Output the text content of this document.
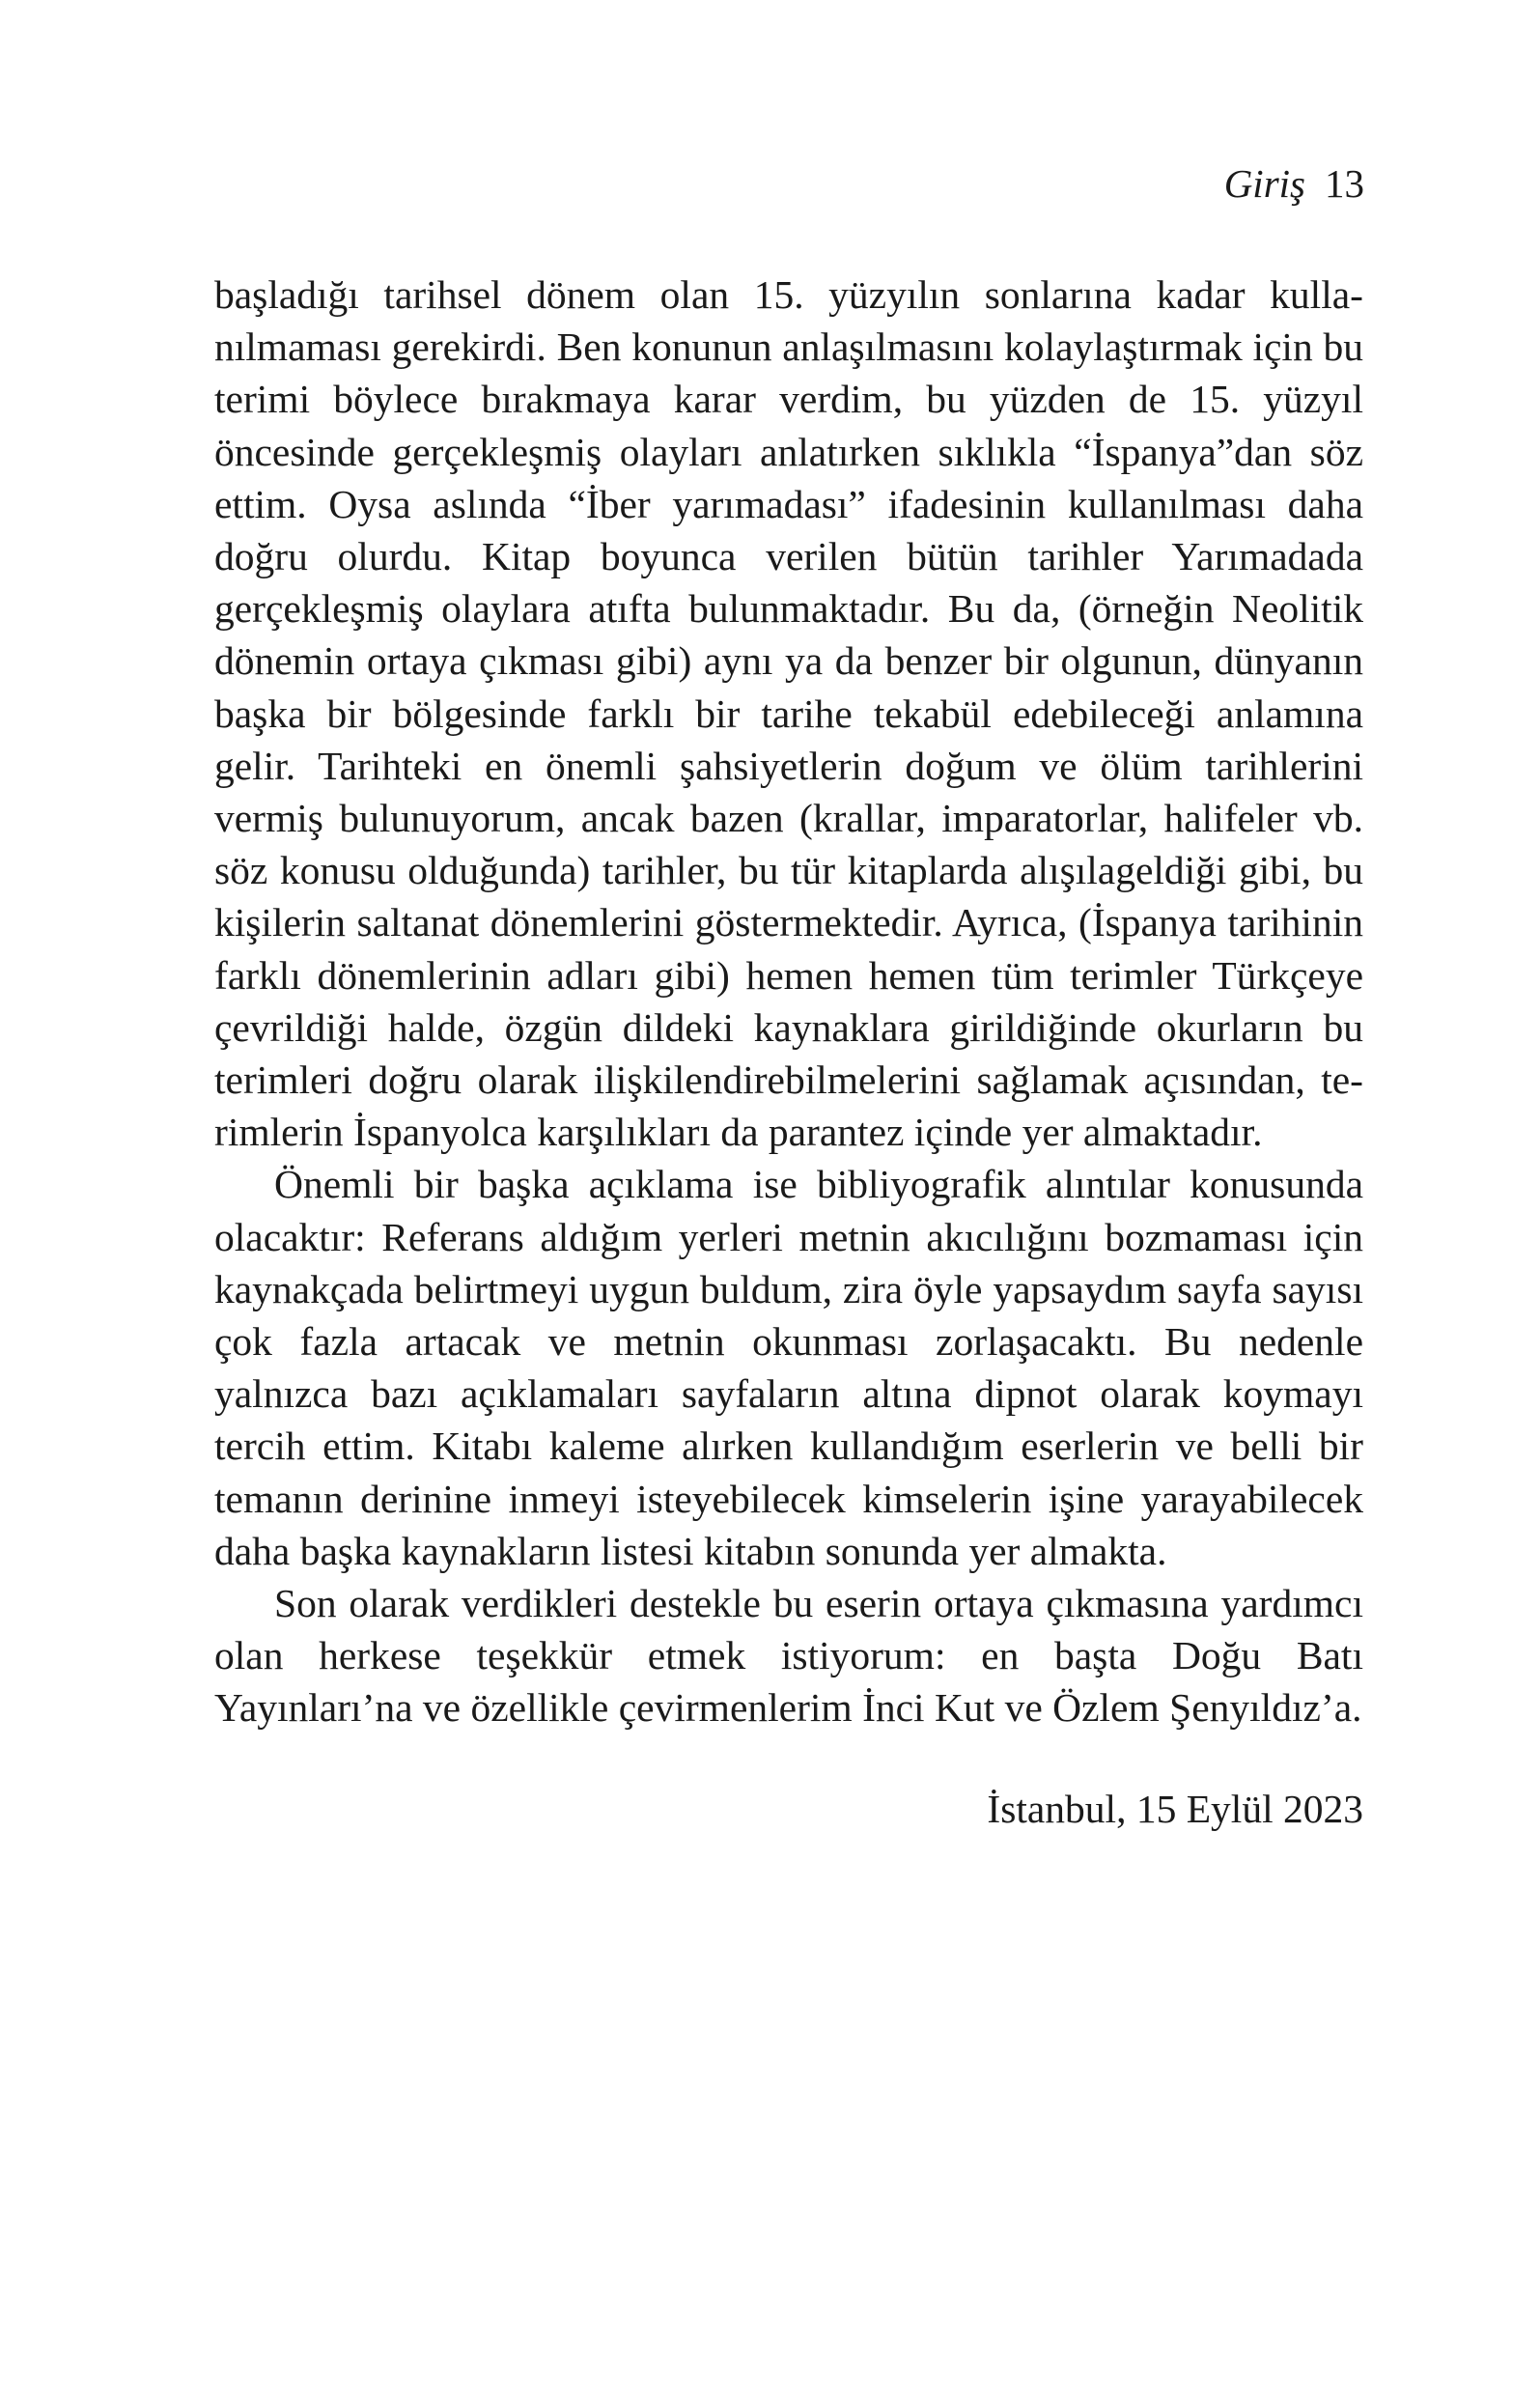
Giriş 13

başladığı tarihsel dönem olan 15. yüzyılın sonlarına kadar kullanılmaması gerekirdi. Ben konunun anlaşılmasını kolaylaştırmak için bu terimi böylece bırakmaya karar verdim, bu yüzden de 15. yüzyıl öncesinde gerçekleşmiş olayları anlatırken sıklıkla “İspanya”dan söz ettim. Oysa aslında “İber yarımadası” ifadesinin kullanılması daha doğru olurdu. Kitap boyunca verilen bütün tarihler Yarımadada gerçekleşmiş olaylara atıfta bulunmaktadır. Bu da, (örneğin Neolitik dönemin ortaya çıkması gibi) aynı ya da benzer bir olgunun, dünyanın başka bir bölgesinde farklı bir tarihe tekabül edebileceği anlamına gelir. Tarihteki en önemli şahsiyetlerin doğum ve ölüm tarihlerini vermiş bulunuyorum, ancak bazen (krallar, imparatorlar, halifeler vb. söz konusu olduğunda) tarihler, bu tür kitaplarda alışılageldiği gibi, bu kişilerin saltanat dönemlerini göstermektedir. Ayrıca, (İspanya tarihinin farklı dönemlerinin adları gibi) hemen hemen tüm terimler Türkçeye çevrildiği halde, özgün dildeki kaynaklara girildiğinde okurların bu terimleri doğru olarak ilişkilendirebilmelerini sağlamak açısından, terimlerin İspanyolca karşılıkları da parantez içinde yer almaktadır.

Önemli bir başka açıklama ise bibliyografik alıntılar konusunda olacaktır: Referans aldığım yerleri metnin akıcılığını bozmaması için kaynakçada belirtmeyi uygun buldum, zira öyle yapsaydım sayfa sayısı çok fazla artacak ve metnin okunması zorlaşacaktı. Bu nedenle yalnızca bazı açıklamaları sayfaların altına dipnot olarak koymayı tercih ettim. Kitabı kaleme alırken kullandığım eserlerin ve belli bir temanın derinine inmeyi isteyebilecek kimselerin işine yarayabilecek daha başka kaynakların listesi kitabın sonunda yer almakta.

Son olarak verdikleri destekle bu eserin ortaya çıkmasına yardımcı olan herkese teşekkür etmek istiyorum: en başta Doğu Batı Yayınları’na ve özellikle çevirmenlerim İnci Kut ve Özlem Şenyıldız’a.

İstanbul, 15 Eylül 2023
